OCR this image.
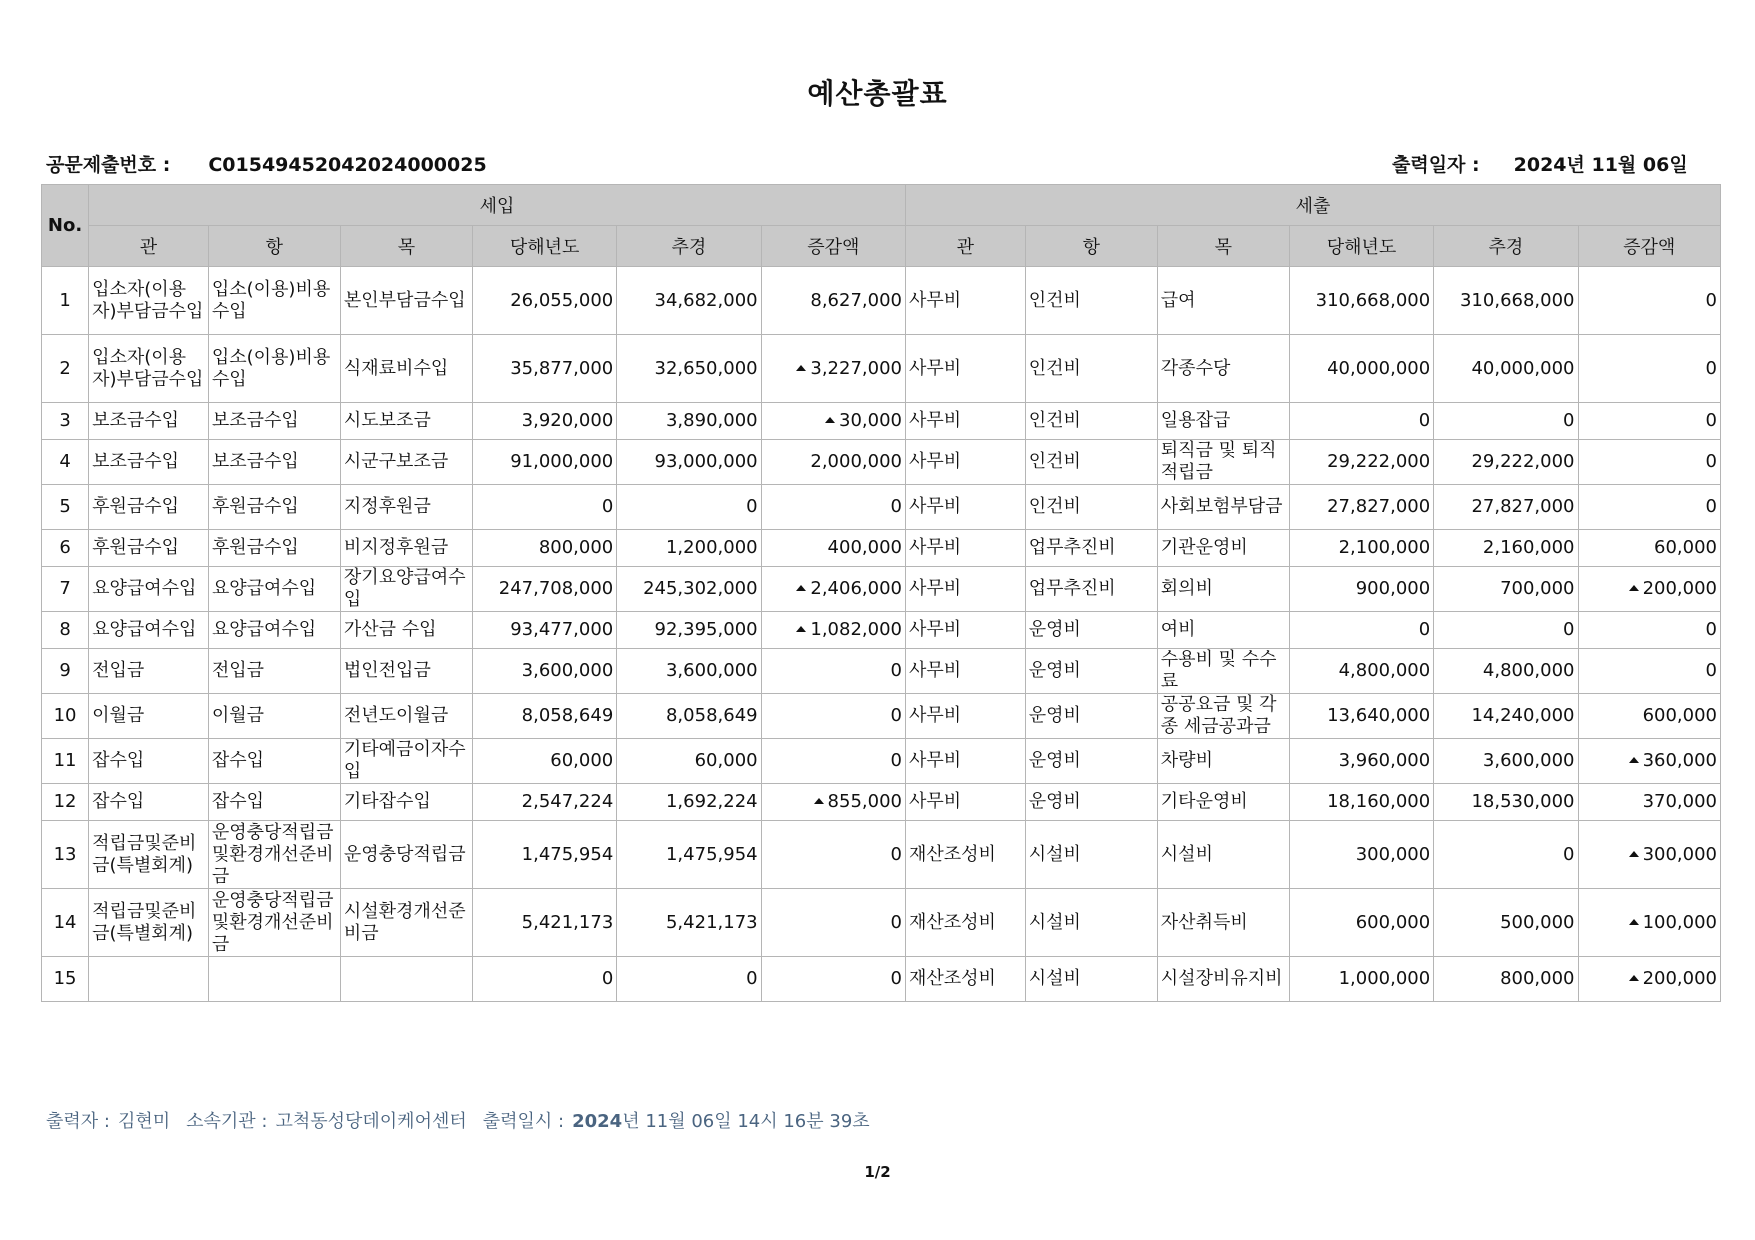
예산총괄표
공문제출번호 : C01549452042024000025	출력일자 : 2024년 11월 06일
No.	세입						세출					
	관	항	목	당해년도	추경	증감액	관	항	목	당해년도	추경	증감액
1	입소자(이용자)부담금수입	입소(이용)비용수입	본인부담금수입	26,055,000	34,682,000	8,627,000	사무비	인건비	급여	310,668,000	310,668,000	0
2	입소자(이용자)부담금수입	입소(이용)비용수입	식재료비수입	35,877,000	32,650,000	3,227,000	사무비	인건비	각종수당	40,000,000	40,000,000	0
3	보조금수입	보조금수입	시도보조금	3,920,000	3,890,000	30,000	사무비	인건비	일용잡급	0	0	0
4	보조금수입	보조금수입	시군구보조금	91,000,000	93,000,000	2,000,000	사무비	인건비	퇴직금 및 퇴직적립금	29,222,000	29,222,000	0
5	후원금수입	후원금수입	지정후원금	0	0	0	사무비	인건비	사회보험부담금	27,827,000	27,827,000	0
6	후원금수입	후원금수입	비지정후원금	800,000	1,200,000	400,000	사무비	업무추진비	기관운영비	2,100,000	2,160,000	60,000
7	요양급여수입	요양급여수입	장기요양급여수입	247,708,000	245,302,000	2,406,000	사무비	업무추진비	회의비	900,000	700,000	200,000
8	요양급여수입	요양급여수입	가산금 수입	93,477,000	92,395,000	1,082,000	사무비	운영비	여비	0	0	0
9	전입금	전입금	법인전입금	3,600,000	3,600,000	0	사무비	운영비	수용비 및 수수료	4,800,000	4,800,000	0
10	이월금	이월금	전년도이월금	8,058,649	8,058,649	0	사무비	운영비	공공요금 및 각종 세금공과금	13,640,000	14,240,000	600,000
11	잡수입	잡수입	기타예금이자수입	60,000	60,000	0	사무비	운영비	차량비	3,960,000	3,600,000	360,000
12	잡수입	잡수입	기타잡수입	2,547,224	1,692,224	855,000	사무비	운영비	기타운영비	18,160,000	18,530,000	370,000
13	적립금및준비금(특별회계)	운영충당적립금및환경개선준비금	운영충당적립금	1,475,954	1,475,954	0	재산조성비	시설비	시설비	300,000	0	300,000
14	적립금및준비금(특별회계)	운영충당적립금및환경개선준비금	시설환경개선준비금	5,421,173	5,421,173	0	재산조성비	시설비	자산취득비	600,000	500,000	100,000
15				0	0	0	재산조성비	시설비	시설장비유지비	1,000,000	800,000	200,000
출력자 : 김현미 소속기관 : 고척동성당데이케어센터 출력일시 : 2024년 11월 06일 14시 16분 39초
1/2
